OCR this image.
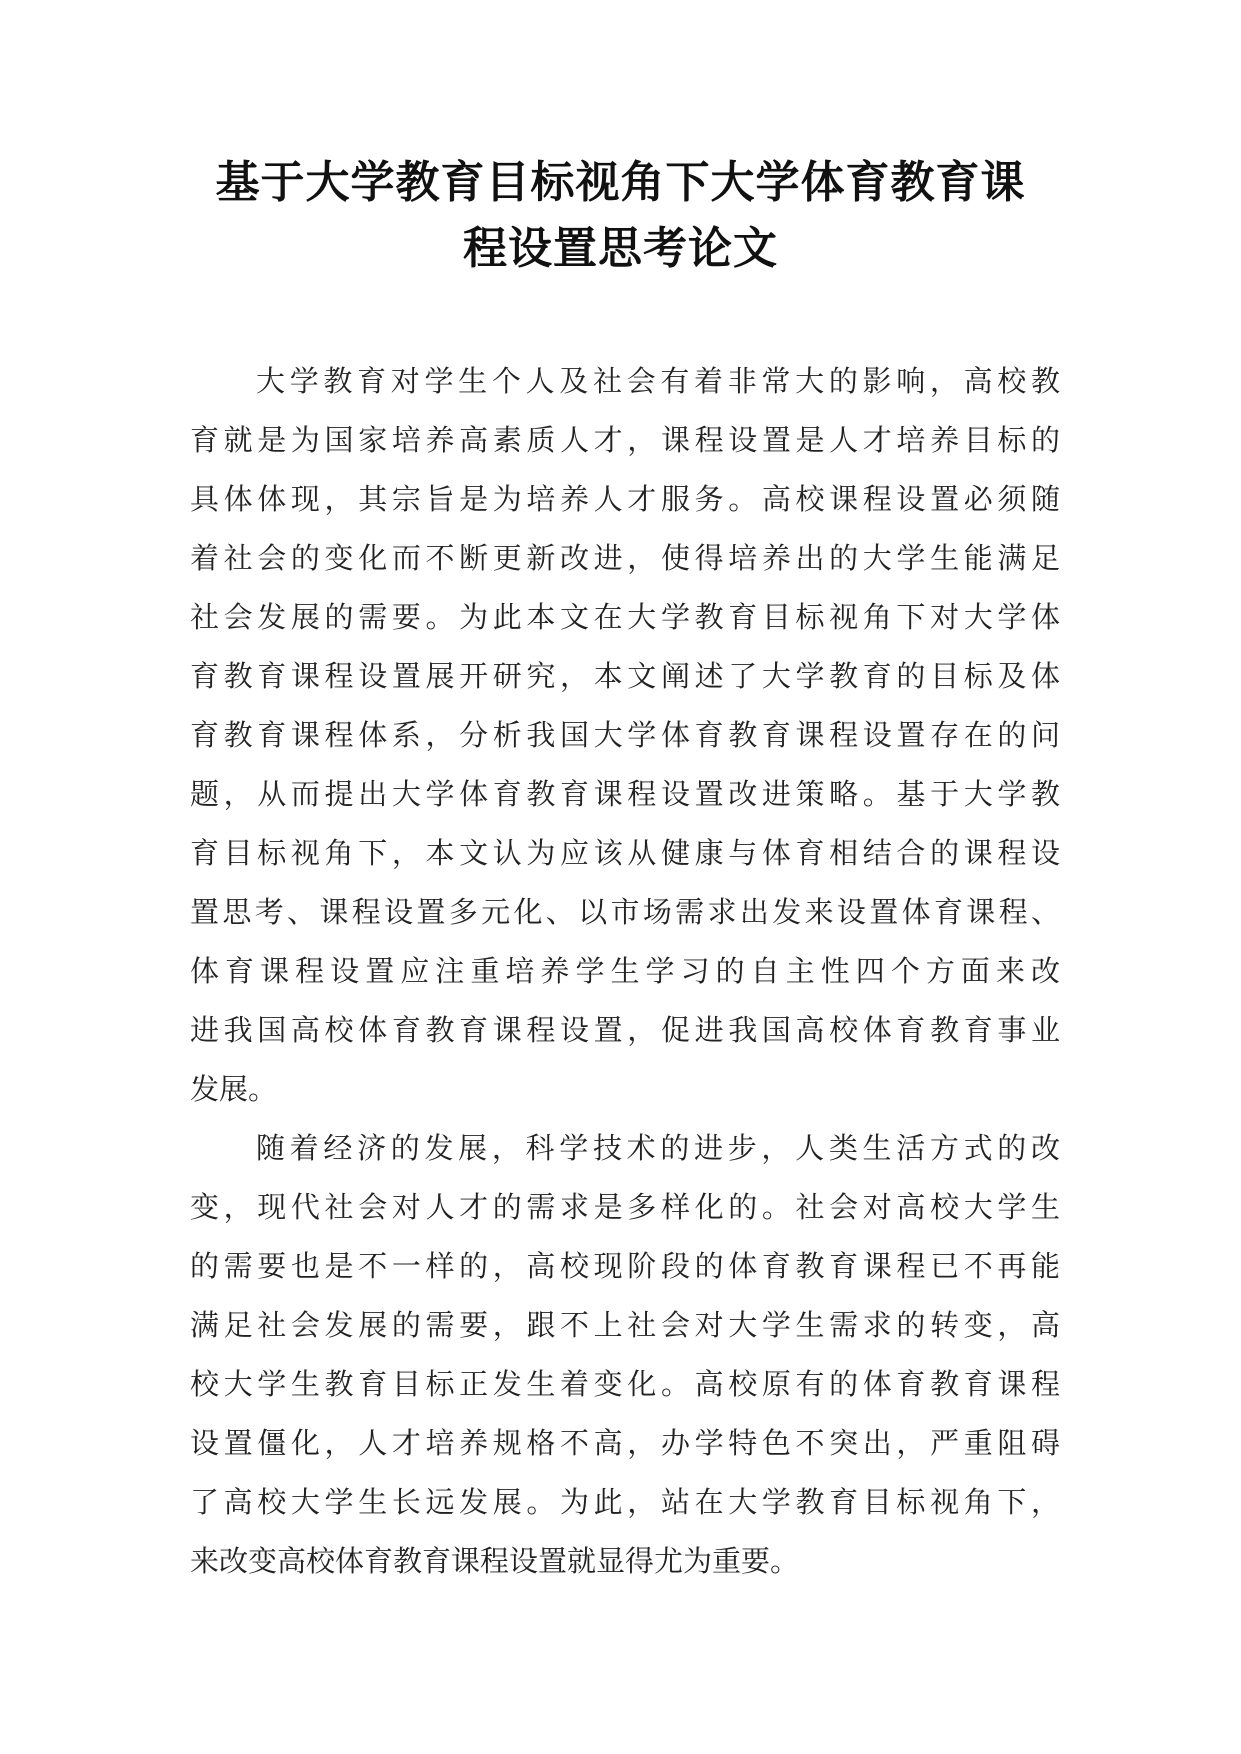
基于大学教育目标视角下大学体育教育课
程设置思考论文
大学教育对学生个人及社会有着非常大的影响，高校教
育就是为国家培养高素质人才，课程设置是人才培养目标的
具体体现，其宗旨是为培养人才服务。高校课程设置必须随
着社会的变化而不断更新改进，使得培养出的大学生能满足
社会发展的需要。为此本文在大学教育目标视角下对大学体
育教育课程设置展开研究，本文阐述了大学教育的目标及体
育教育课程体系，分析我国大学体育教育课程设置存在的问
题，从而提出大学体育教育课程设置改进策略。基于大学教
育目标视角下，本文认为应该从健康与体育相结合的课程设
置思考、课程设置多元化、以市场需求出发来设置体育课程、
体育课程设置应注重培养学生学习的自主性四个方面来改
进我国高校体育教育课程设置，促进我国高校体育教育事业
发展。
随着经济的发展，科学技术的进步，人类生活方式的改
变，现代社会对人才的需求是多样化的。社会对高校大学生
的需要也是不一样的，高校现阶段的体育教育课程已不再能
满足社会发展的需要，跟不上社会对大学生需求的转变，高
校大学生教育目标正发生着变化。高校原有的体育教育课程
设置僵化，人才培养规格不高，办学特色不突出，严重阻碍
了高校大学生长远发展。为此，站在大学教育目标视角下，
来改变高校体育教育课程设置就显得尤为重要。
